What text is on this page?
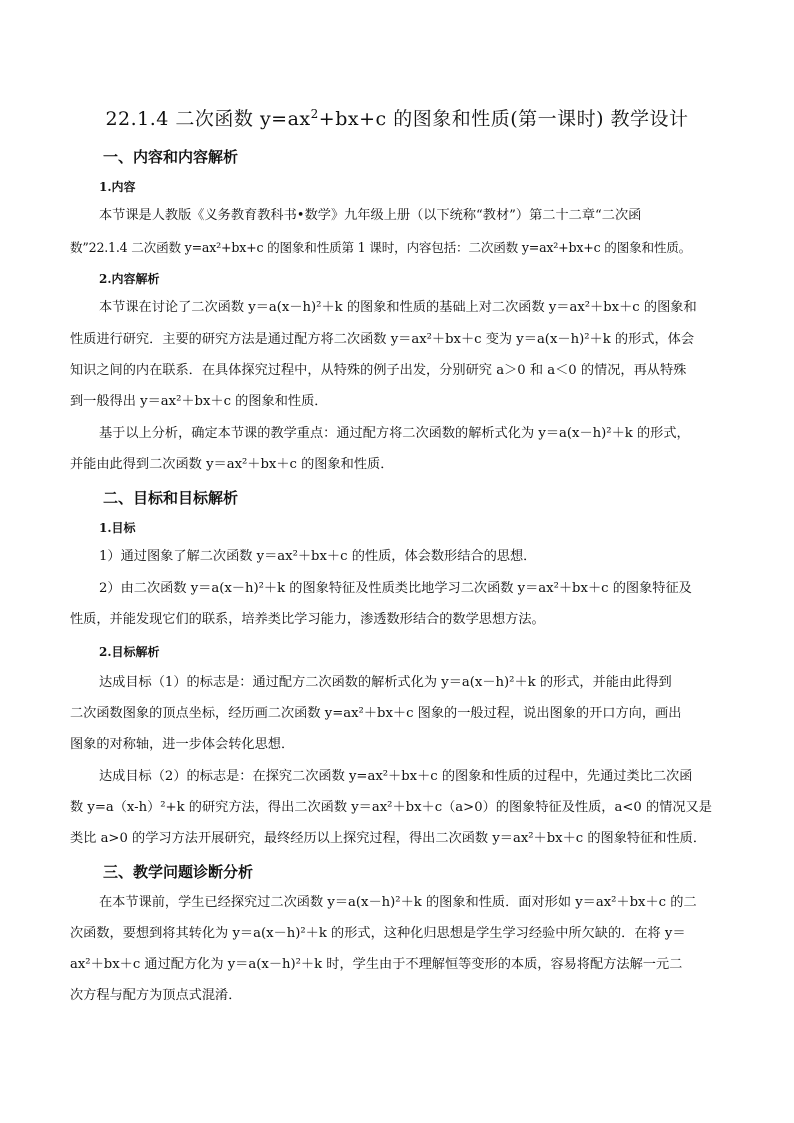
22.1.4 二次函数 $y=ax^2+bx+c$ 的图象和性质(第一课时) 教学设计
一、内容和内容解析
1.内容
本节课是人教版《义务教育教科书•数学》九年级上册（以下统称“教材”）第二十二章“二次函
数”22.1.4 二次函数 y=ax²+bx+c 的图象和性质第 1 课时，内容包括：二次函数 y=ax²+bx+c 的图象和性质。
2.内容解析
本节课在讨论了二次函数 y＝a(x－h)²＋k 的图象和性质的基础上对二次函数 y＝ax²＋bx＋c 的图象和
性质进行研究．主要的研究方法是通过配方将二次函数 y＝ax²＋bx＋c 变为 y＝a(x－h)²＋k 的形式，体会
知识之间的内在联系．在具体探究过程中，从特殊的例子出发，分别研究 a＞0 和 a＜0 的情况，再从特殊
到一般得出 y＝ax²＋bx＋c 的图象和性质．
基于以上分析，确定本节课的教学重点：通过配方将二次函数的解析式化为 y＝a(x－h)²＋k 的形式，
并能由此得到二次函数 y＝ax²＋bx＋c 的图象和性质．
二、目标和目标解析
1.目标
1）通过图象了解二次函数 y＝ax²＋bx＋c 的性质，体会数形结合的思想．
2）由二次函数 y＝a(x－h)²＋k 的图象特征及性质类比地学习二次函数 y＝ax²＋bx＋c 的图象特征及
性质，并能发现它们的联系，培养类比学习能力，渗透数形结合的数学思想方法。
2.目标解析
达成目标（1）的标志是：通过配方二次函数的解析式化为 y＝a(x－h)²＋k 的形式，并能由此得到
二次函数图象的顶点坐标，经历画二次函数 y=ax²＋bx＋c 图象的一般过程，说出图象的开口方向，画出
图象的对称轴，进一步体会转化思想．
达成目标（2）的标志是：在探究二次函数 y=ax²＋bx＋c 的图象和性质的过程中，先通过类比二次函
数 y=a（x-h）²+k 的研究方法，得出二次函数 y＝ax²＋bx＋c（a>0）的图象特征及性质，a<0 的情况又是
类比 a>0 的学习方法开展研究，最终经历以上探究过程，得出二次函数 y＝ax²＋bx＋c 的图象特征和性质．
三、教学问题诊断分析
在本节课前，学生已经探究过二次函数 y＝a(x－h)²＋k 的图象和性质．面对形如 y＝ax²＋bx＋c 的二
次函数，要想到将其转化为 y＝a(x－h)²＋k 的形式，这种化归思想是学生学习经验中所欠缺的．在将 y＝
ax²＋bx＋c 通过配方化为 y＝a(x－h)²＋k 时，学生由于不理解恒等变形的本质，容易将配方法解一元二
次方程与配方为顶点式混淆．
